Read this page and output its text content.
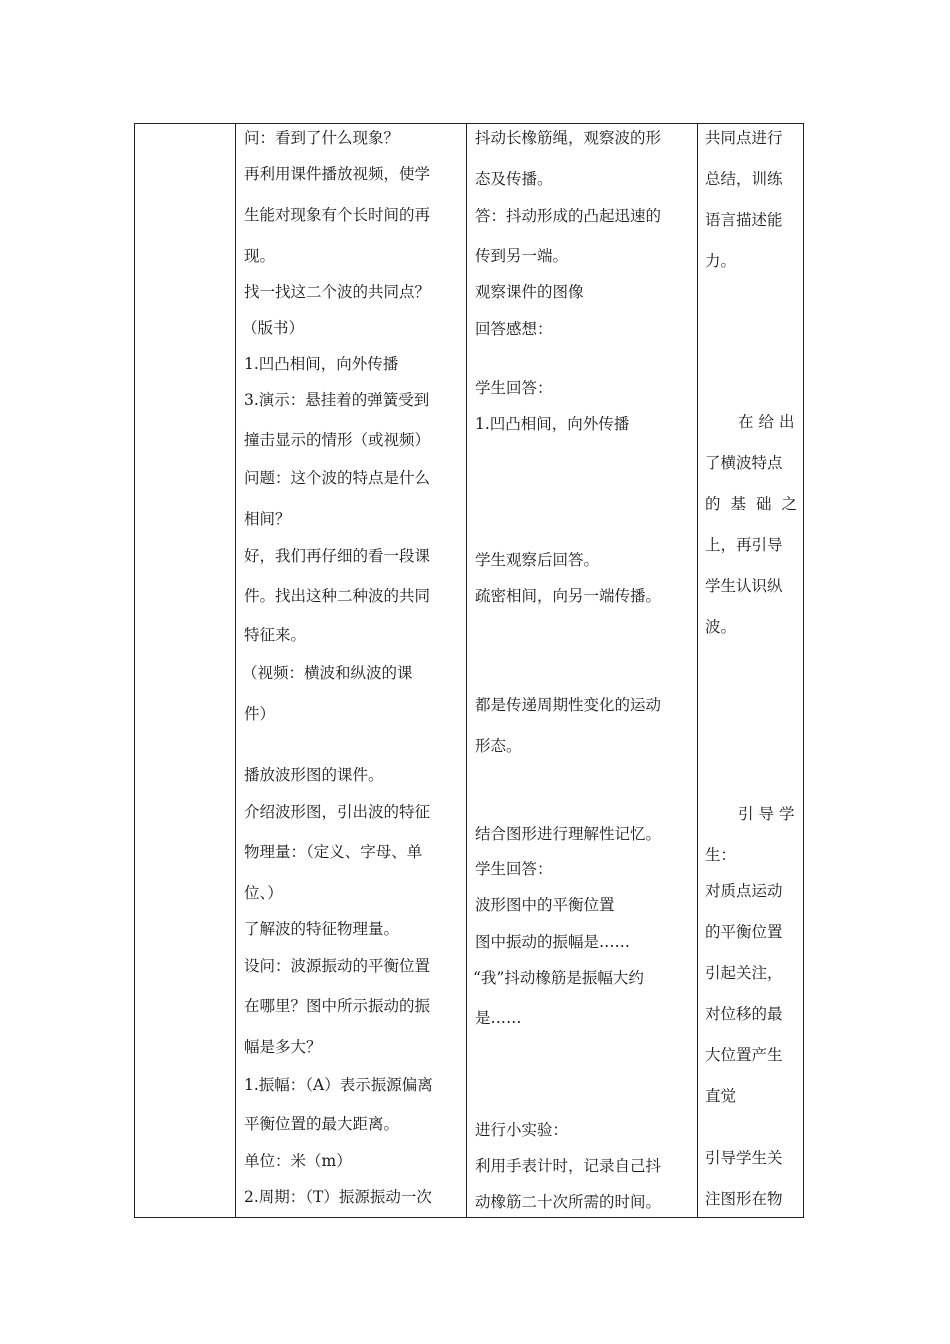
问：看到了什么现象？
再利用课件播放视频，使学
生能对现象有个长时间的再
现。
找一找这二个波的共同点？
（版书）
1.凹凸相间，向外传播
3.演示：悬挂着的弹簧受到
撞击显示的情形（或视频）
问题：这个波的特点是什么
相间？
好，我们再仔细的看一段课
件。找出这种二种波的共同
特征来。
（视频：横波和纵波的课
件）
播放波形图的课件。
介绍波形图，引出波的特征
物理量：（定义、字母、单
位、）
了解波的特征物理量。
设问：波源振动的平衡位置
在哪里？图中所示振动的振
幅是多大？
1.振幅：（A）表示振源偏离
平衡位置的最大距离。
单位：米（m）
2.周期：（T）振源振动一次
抖动长橡筋绳，观察波的形
态及传播。
答：抖动形成的凸起迅速的
传到另一端。
观察课件的图像
回答感想：
学生回答：
1.凹凸相间，向外传播
学生观察后回答。
疏密相间，向另一端传播。
都是传递周期性变化的运动
形态。
结合图形进行理解性记忆。
学生回答：
波形图中的平衡位置
图中振动的振幅是……
“我”抖动橡筋是振幅大约
是……
进行小实验：
利用手表计时，记录自己抖
动橡筋二十次所需的时间。
共同点进行
总结，训练
语言描述能
力。
在给出
了横波特点
的基础之
上，再引导
学生认识纵
波。
引导学
生：
对质点运动
的平衡位置
引起关注，
对位移的最
大位置产生
直觉
引导学生关
注图形在物
